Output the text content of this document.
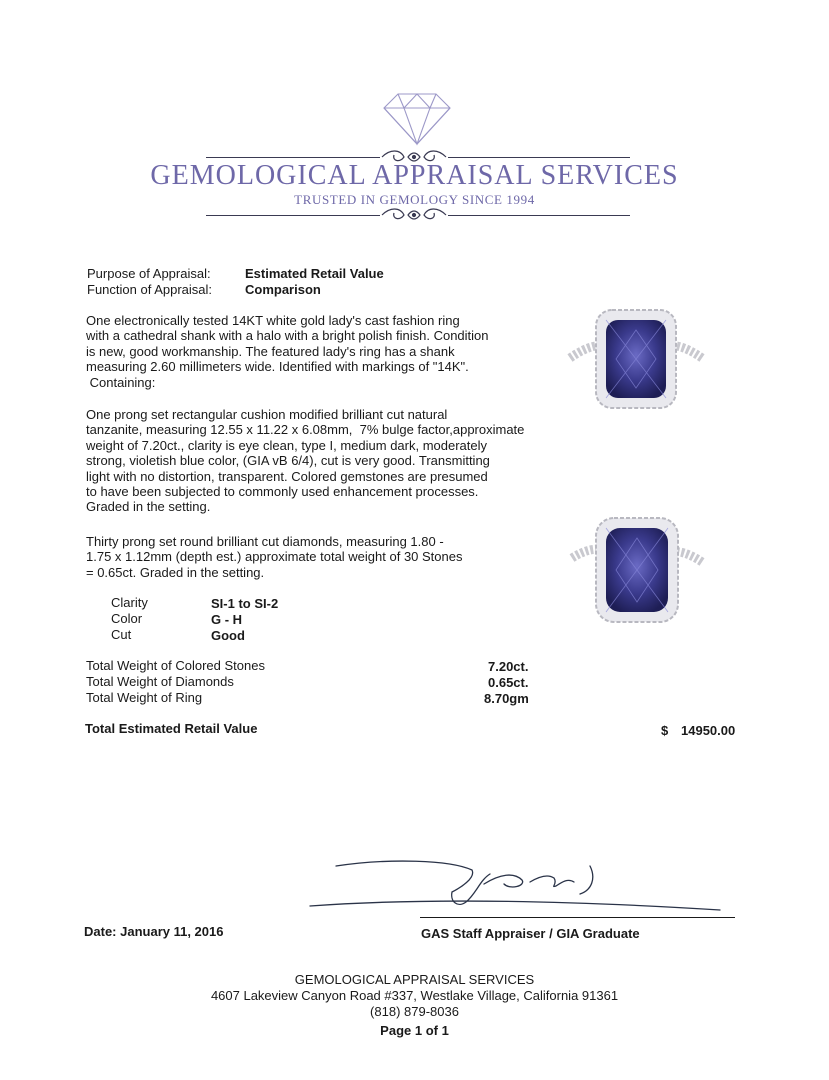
GEMOLOGICAL APPRAISAL SERVICES
TRUSTED IN GEMOLOGY SINCE 1994
Purpose of Appraisal:	Estimated Retail Value
Function of Appraisal:	Comparison
One electronically tested 14KT white gold lady's cast fashion ring
with a cathedral shank with a halo with a bright polish finish. Condition
is new, good workmanship. The featured lady's ring has a shank
measuring 2.60 millimeters wide. Identified with markings of "14K".
Containing:
One prong set rectangular cushion modified brilliant cut natural
tanzanite, measuring 12.55 x 11.22 x 6.08mm,  7% bulge factor,approximate
weight of 7.20ct., clarity is eye clean, type I, medium dark, moderately
strong, violetish blue color, (GIA vB 6/4), cut is very good. Transmitting
light with no distortion, transparent. Colored gemstones are presumed
to have been subjected to commonly used enhancement processes.
Graded in the setting.
Thirty prong set round brilliant cut diamonds, measuring 1.80 -
1.75 x 1.12mm (depth est.) approximate total weight of 30 Stones
= 0.65ct. Graded in the setting.
Clarity	SI-1 to SI-2
Color	G - H
Cut	Good
Total Weight of Colored Stones	7.20ct.
Total Weight of Diamonds	0.65ct.
Total Weight of Ring	8.70gm
Total Estimated Retail Value	$ 14950.00
Date: January 11, 2016	GAS Staff Appraiser / GIA Graduate
GEMOLOGICAL APPRAISAL SERVICES
4607 Lakeview Canyon Road #337, Westlake Village, California 91361
(818) 879-8036
Page 1 of 1
